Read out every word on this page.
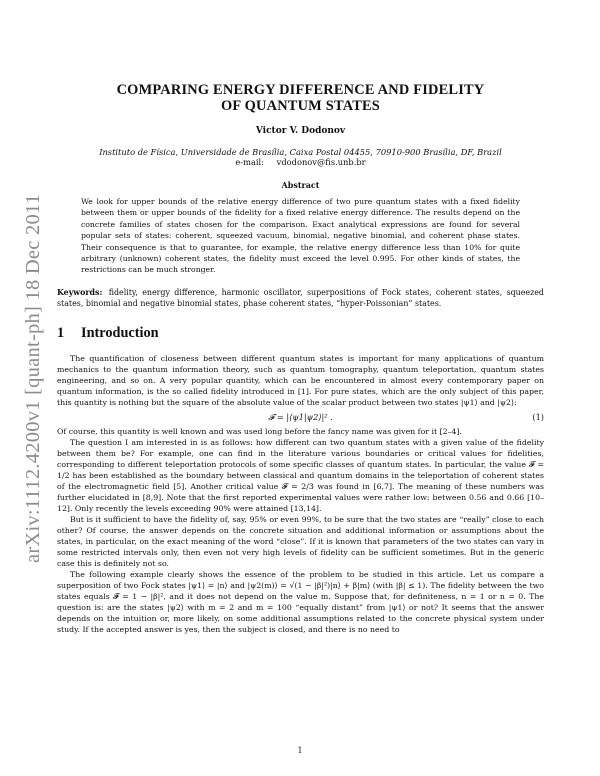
arXiv:1112.4200v1 [quant-ph] 18 Dec 2011
COMPARING ENERGY DIFFERENCE AND FIDELITY
OF QUANTUM STATES
Victor V. Dodonov
Instituto de Física, Universidade de Brasília, Caixa Postal 04455, 70910-900 Brasília, DF, Brazil
e-mail: vdodonov@fis.unb.br
Abstract
We look for upper bounds of the relative energy difference of two pure quantum states with a fixed fidelity between them or upper bounds of the fidelity for a fixed relative energy difference. The results depend on the concrete families of states chosen for the comparison. Exact analytical expressions are found for several popular sets of states: coherent, squeezed vacuum, binomial, negative binomial, and coherent phase states. Their consequence is that to guarantee, for example, the relative energy difference less than 10% for quite arbitrary (unknown) coherent states, the fidelity must exceed the level 0.995. For other kinds of states, the restrictions can be much stronger.
Keywords: fidelity, energy difference, harmonic oscillator, superpositions of Fock states, coherent states, squeezed states, binomial and negative binomial states, phase coherent states, “hyper-Poissonian” states.
1 Introduction

The quantification of closeness between different quantum states is important for many applications of quantum mechanics to the quantum information theory, such as quantum tomography, quantum teleportation, quantum states engineering, and so on. A very popular quantity, which can be encountered in almost every contemporary paper on quantum information, is the so called fidelity introduced in [1]. For pure states, which are the only subject of this paper, this quantity is nothing but the square of the absolute value of the scalar product between two states |ψ1⟩ and |ψ2⟩:

𝓕 = |⟨ψ1|ψ2⟩|² .	(1)

Of course, this quantity is well known and was used long before the fancy name was given for it [2–4].

The question I am interested in is as follows: how different can two quantum states with a given value of the fidelity between them be? For example, one can find in the literature various boundaries or critical values for fidelities, corresponding to different teleportation protocols of some specific classes of quantum states. In particular, the value 𝓕 = 1/2 has been established as the boundary between classical and quantum domains in the teleportation of coherent states of the electromagnetic field [5]. Another critical value 𝓕 = 2/3 was found in [6,7]. The meaning of these numbers was further elucidated in [8,9]. Note that the first reported experimental values were rather low: between 0.56 and 0.66 [10–12]. Only recently the levels exceeding 90% were attained [13,14].

But is it sufficient to have the fidelity of, say, 95% or even 99%, to be sure that the two states are “really” close to each other? Of course, the answer depends on the concrete situation and additional information or assumptions about the states, in particular, on the exact meaning of the word “close”. If it is known that parameters of the two states can vary in some restricted intervals only, then even not very high levels of fidelity can be sufficient sometimes. But in the generic case this is definitely not so.

The following example clearly shows the essence of the problem to be studied in this article. Let us compare a superposition of two Fock states |ψ1⟩ = |n⟩ and |ψ2(m)⟩ = √(1 − |β|²)|n⟩ + β|m⟩ (with |β| ≤ 1). The fidelity between the two states equals 𝓕 = 1 − |β|², and it does not depend on the value m. Suppose that, for definiteness, n = 1 or n = 0. The question is: are the states |ψ2⟩ with m = 2 and m = 100 “equally distant” from |ψ1⟩ or not? It seems that the answer depends on the intuition or, more likely, on some additional assumptions related to the concrete physical system under study. If the accepted answer is yes, then the subject is closed, and there is no need to

1
